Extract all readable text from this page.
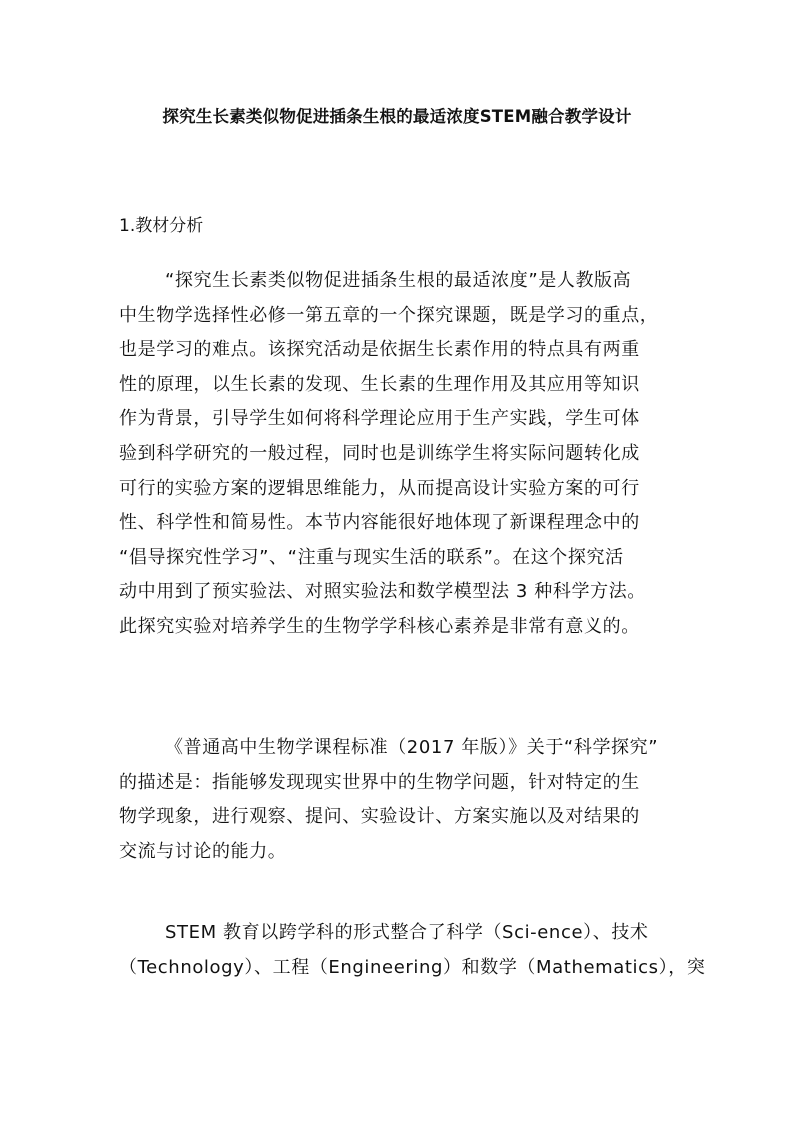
探究生长素类似物促进插条生根的最适浓度STEM融合教学设计
1.教材分析
“探究生长素类似物促进插条生根的最适浓度”是人教版高
中生物学选择性必修一第五章的一个探究课题，既是学习的重点，
也是学习的难点。该探究活动是依据生长素作用的特点具有两重
性的原理，以生长素的发现、生长素的生理作用及其应用等知识
作为背景，引导学生如何将科学理论应用于生产实践，学生可体
验到科学研究的一般过程，同时也是训练学生将实际问题转化成
可行的实验方案的逻辑思维能力，从而提高设计实验方案的可行
性、科学性和简易性。本节内容能很好地体现了新课程理念中的
“倡导探究性学习”、“注重与现实生活的联系”。在这个探究活
动中用到了预实验法、对照实验法和数学模型法 3 种科学方法。
此探究实验对培养学生的生物学学科核心素养是非常有意义的。
《普通高中生物学课程标准（2017 年版）》关于“科学探究”
的描述是：指能够发现现实世界中的生物学问题，针对特定的生
物学现象，进行观察、提问、实验设计、方案实施以及对结果的
交流与讨论的能力。
STEM 教育以跨学科的形式整合了科学（Sci-ence）、技术
（Technology）、工程（Engineering）和数学（Mathematics），突
